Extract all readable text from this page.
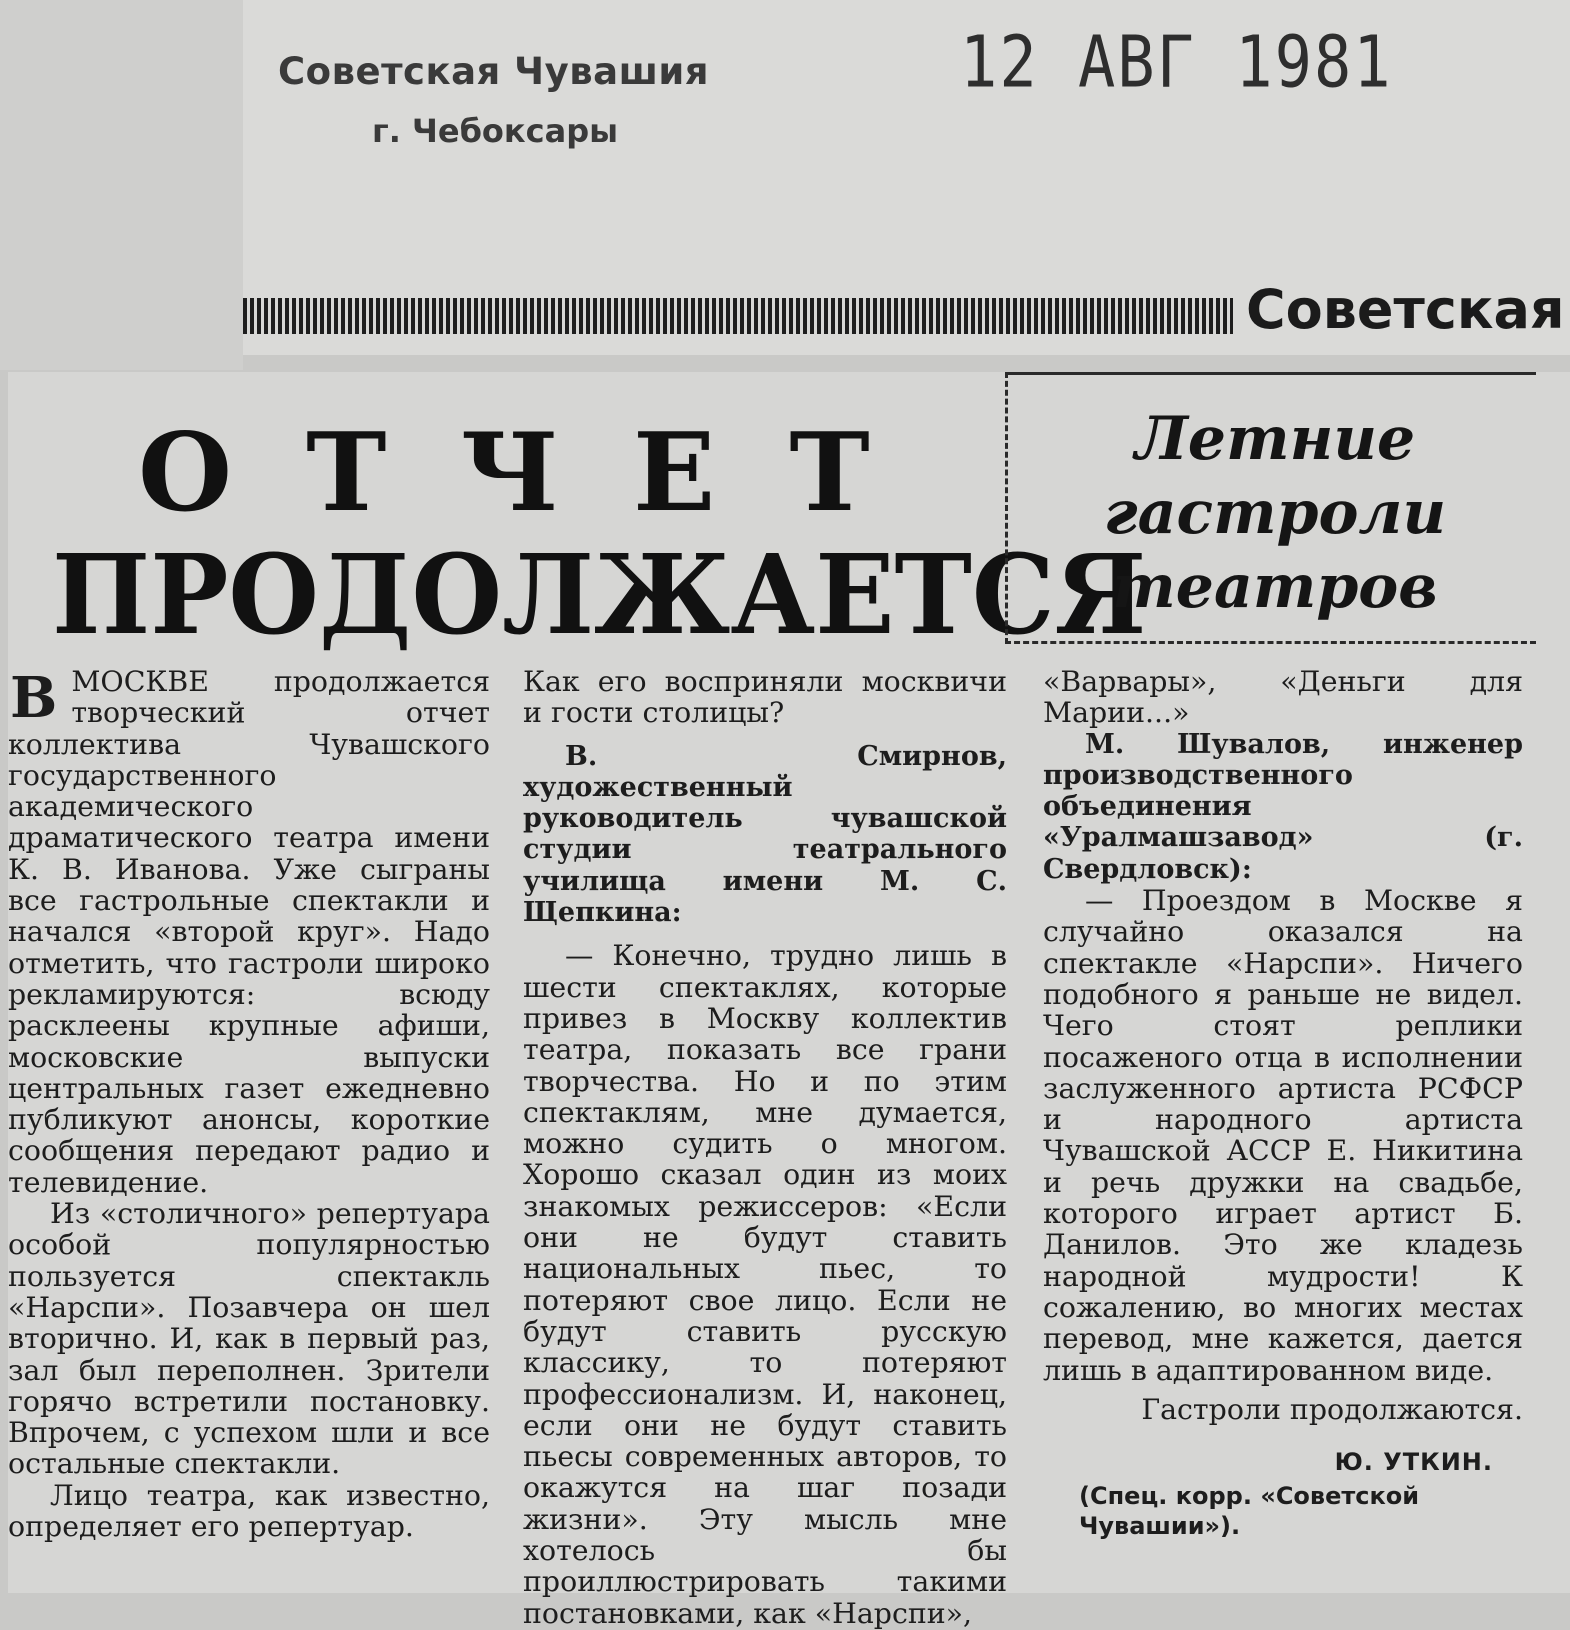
Советская Чувашия
г. Чебоксары
12 АВГ 1981
Советская
ОТЧЕТ
ПРОДОЛЖАЕТСЯ
Летние
гастроли
театров

ВМОСКВЕ продолжается творческий отчет коллектива Чувашского государственного академического драматического театра имени К. В. Иванова. Уже сыграны все гастрольные спектакли и начался «второй круг». Надо отметить, что гастроли широко рекламируются: всюду расклеены крупные афиши, московские выпуски центральных газет ежедневно публикуют анонсы, короткие сообщения передают радио и телевидение.

Из «столичного» репертуара особой популярностью пользуется спектакль «Нарспи». Позавчера он шел вторично. И, как в первый раз, зал был переполнен. Зрители горячо встретили постановку. Впрочем, с успехом шли и все остальные спектакли.

Лицо театра, как известно, определяет его репертуар.

Как его восприняли москвичи и гости столицы?

В. Смирнов, художественный руководитель чувашской студии театрального училища имени М. С. Щепкина:

— Конечно, трудно лишь в шести спектаклях, которые привез в Москву коллектив театра, показать все грани творчества. Но и по этим спектаклям, мне думается, можно судить о многом. Хорошо сказал один из моих знакомых режиссеров: «Если они не будут ставить национальных пьес, то потеряют свое лицо. Если не будут ставить русскую классику, то потеряют профессионализм. И, наконец, если они не будут ставить пьесы современных авторов, то окажутся на шаг позади жизни». Эту мысль мне хотелось бы проиллюстрировать такими постановками, как «Нарспи»,

«Варвары», «Деньги для Марии...»

М. Шувалов, инженер производственного объединения «Уралмашзавод» (г. Свердловск):

— Проездом в Москве я случайно оказался на спектакле «Нарспи». Ничего подобного я раньше не видел. Чего стоят реплики посаженого отца в исполнении заслуженного артиста РСФСР и народного артиста Чувашской АССР Е. Никитина и речь дружки на свадьбе, которого играет артист Б. Данилов. Это же кладезь народной мудрости! К сожалению, во многих местах перевод, мне кажется, дается лишь в адаптированном виде.

Гастроли продолжаются.

Ю. УТКИН.
(Спец. корр. «Советской Чувашии»).
